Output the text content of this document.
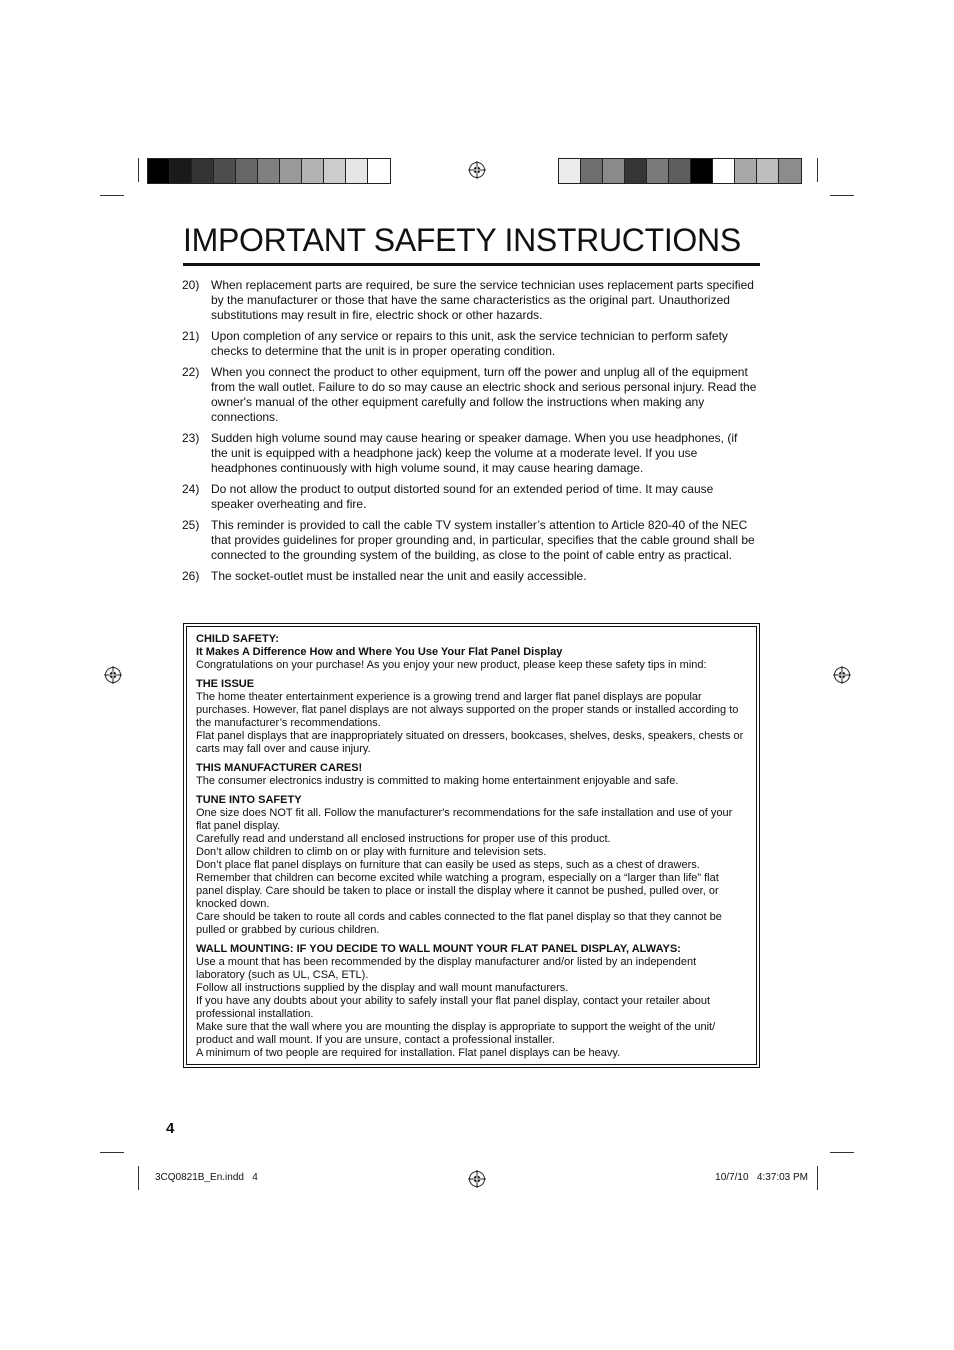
IMPORTANT SAFETY INSTRUCTIONS
20) When replacement parts are required, be sure the service technician uses replacement parts specified by the manufacturer or those that have the same characteristics as the original part. Unauthorized substitutions may result in fire, electric shock or other hazards.
21) Upon completion of any service or repairs to this unit, ask the service technician to perform safety checks to determine that the unit is in proper operating condition.
22) When you connect the product to other equipment, turn off the power and unplug all of the equipment from the wall outlet. Failure to do so may cause an electric shock and serious personal injury. Read the owner's manual of the other equipment carefully and follow the instructions when making any connections.
23) Sudden high volume sound may cause hearing or speaker damage. When you use headphones, (if the unit is equipped with a headphone jack) keep the volume at a moderate level. If you use headphones continuously with high volume sound, it may cause hearing damage.
24) Do not allow the product to output distorted sound for an extended period of time. It may cause speaker overheating and fire.
25) This reminder is provided to call the cable TV system installer’s attention to Article 820-40 of the NEC that provides guidelines for proper grounding and, in particular, specifies that the cable ground shall be connected to the grounding system of the building, as close to the point of cable entry as practical.
26) The socket-outlet must be installed near the unit and easily accessible.
CHILD SAFETY:
It Makes A Difference How and Where You Use Your Flat Panel Display
Congratulations on your purchase! As you enjoy your new product, please keep these safety tips in mind:
THE ISSUE
The home theater entertainment experience is a growing trend and larger flat panel displays are popular purchases. However, flat panel displays are not always supported on the proper stands or installed according to the manufacturer’s recommendations.
Flat panel displays that are inappropriately situated on dressers, bookcases, shelves, desks, speakers, chests or carts may fall over and cause injury.
THIS MANUFACTURER CARES!
The consumer electronics industry is committed to making home entertainment enjoyable and safe.
TUNE INTO SAFETY
One size does NOT fit all. Follow the manufacturer's recommendations for the safe installation and use of your flat panel display.
Carefully read and understand all enclosed instructions for proper use of this product.
Don’t allow children to climb on or play with furniture and television sets.
Don’t place flat panel displays on furniture that can easily be used as steps, such as a chest of drawers.
Remember that children can become excited while watching a program, especially on a “larger than life” flat panel display. Care should be taken to place or install the display where it cannot be pushed, pulled over, or knocked down.
Care should be taken to route all cords and cables connected to the flat panel display so that they cannot be pulled or grabbed by curious children.
WALL MOUNTING: IF YOU DECIDE TO WALL MOUNT YOUR FLAT PANEL DISPLAY, ALWAYS:
Use a mount that has been recommended by the display manufacturer and/or listed by an independent laboratory (such as UL, CSA, ETL).
Follow all instructions supplied by the display and wall mount manufacturers.
If you have any doubts about your ability to safely install your flat panel display, contact your retailer about professional installation.
Make sure that the wall where you are mounting the display is appropriate to support the weight of the unit/ product and wall mount. If you are unsure, contact a professional installer.
A minimum of two people are required for installation. Flat panel displays can be heavy.
4
3CQ0821B_En.indd   4	10/7/10   4:37:03 PM
